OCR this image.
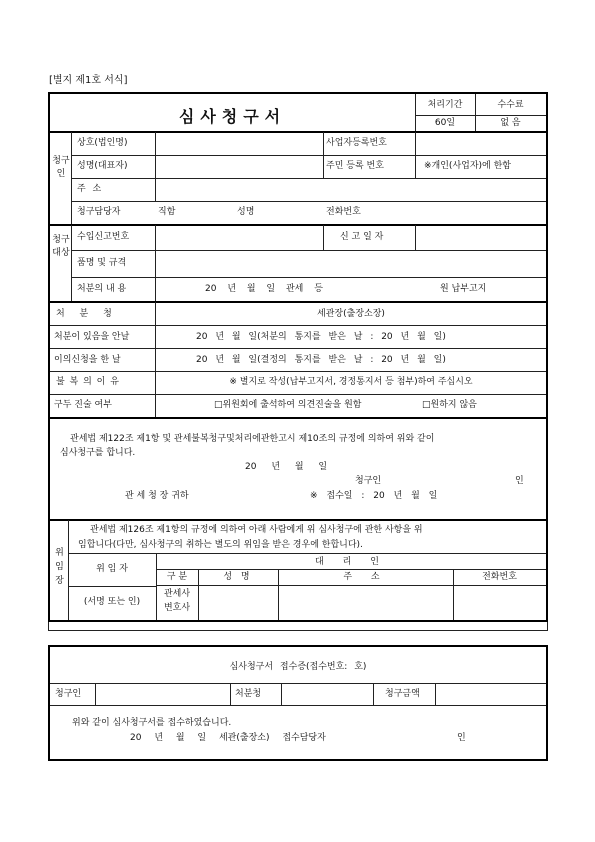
[별지 제1호 서식]
심사청구서
처리기간	수수료
60일	없 음
청구인
상호(법인명)	사업자등록번호
성명(대표자)	주민 등록 번호	※개인(사업자)에 한함
주 소
청구담당자	직함	성명	전화번호
청구대상
수입신고번호	신 고 일 자
품명 및 규격
처분의 내 용	20 년 월 일 관세 등	원 납부고지
처 분 청	세관장(출장소장)
처분이 있음을 안날	20 년 월 일(처분의 통지를 받은 날 : 20 년 월 일)
이의신청을 한 날	20 년 월 일(결정의 통지를 받은 날 : 20 년 월 일)
불 복 의 이 유	※ 별지로 작성(납부고지서, 경정통지서 등 첨부)하여 주십시오
구두 진술 여부	□위원회에 출석하여 의견진술을 원함	□원하지 않음
관세법 제122조 제1항 및 관세불복청구및처리에관한고시 제10조의 규정에 의하여 위와 같이
심사청구를 합니다.
20 년 월 일
청구인	인
관 세 청 장 귀하	※ 접수일 : 20 년 월 일
위임장
관세법 제126조 제1항의 규정에 의하여 아래 사람에게 위 심사청구에 관한 사항을 위
임합니다(다만, 심사청구의 취하는 별도의 위임을 받은 경우에 한합니다).
위 임 자
(서명 또는 인)
대 리 인
구 분	성 명	주 소	전화번호
관세사
변호사
심사청구서 접수증(접수번호: 호)
청구인	처분청	청구금액
위와 같이 심사청구서를 접수하였습니다.
20 년 월 일 세관(출장소) 접수담당자	인
